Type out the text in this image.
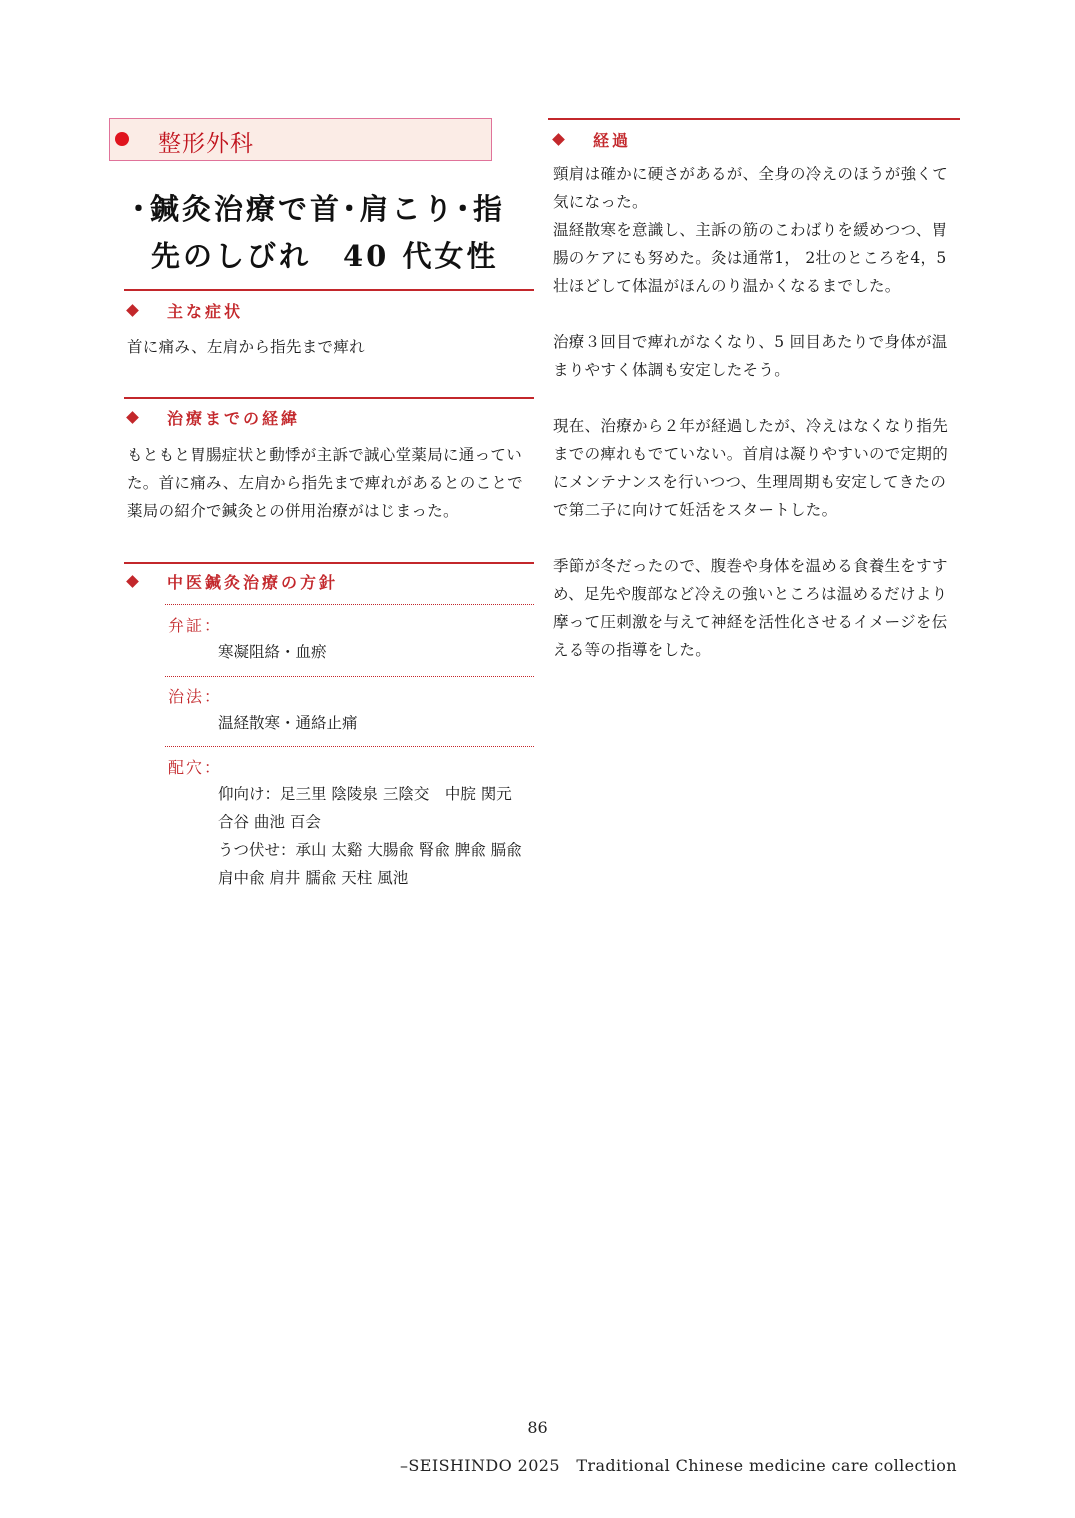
整形外科
・鍼灸治療で首･肩こり･指
先のしびれ　40 代女性
主な症状
首に痛み、左肩から指先まで痺れ
治療までの経緯
もともと胃腸症状と動悸が主訴で誠心堂薬局に通っていた。首に痛み、左肩から指先まで痺れがあるとのことで薬局の紹介で鍼灸との併用治療がはじまった。
中医鍼灸治療の方針
弁証：
寒凝阻絡・血瘀
治法：
温経散寒・通絡止痛
配穴：
仰向け：足三里 陰陵泉 三陰交　中脘 関元 合谷 曲池 百会
うつ伏せ：承山 太谿 大腸兪 腎兪 脾兪 膈兪 肩中兪 肩井 臑兪 天柱 風池
経過

頸肩は確かに硬さがあるが、全身の冷えのほうが強くて気になった。

温経散寒を意識し、主訴の筋のこわばりを緩めつつ、胃腸のケアにも努めた。灸は通常1， 2壮のところを4，5壮ほどして体温がほんのり温かくなるまでした。

治療３回目で痺れがなくなり、5 回目あたりで身体が温まりやすく体調も安定したそう。

現在、治療から２年が経過したが、冷えはなくなり指先までの痺れもでていない。首肩は凝りやすいので定期的にメンテナンスを行いつつ、生理周期も安定してきたので第二子に向けて妊活をスタートした。

季節が冬だったので、腹巻や身体を温める食養生をすすめ、足先や腹部など冷えの強いところは温めるだけより摩って圧刺激を与えて神経を活性化させるイメージを伝える等の指導をした。

86
–SEISHINDO 2025　Traditional Chinese medicine care collection
